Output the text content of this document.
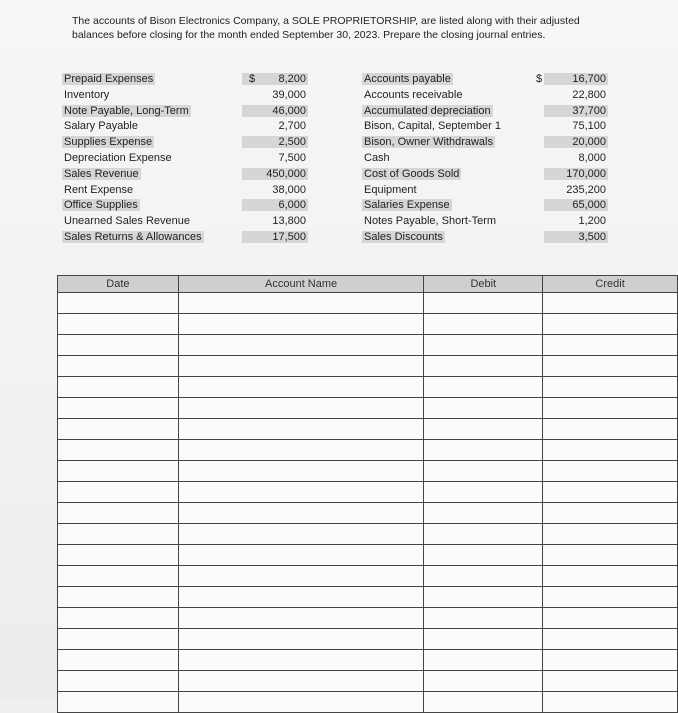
The accounts of Bison Electronics Company, a SOLE PROPRIETORSHIP, are listed along with their adjusted balances before closing for the month ended September 30, 2023. Prepare the closing journal entries.
Prepaid Expenses	8,200
Inventory	39,000
Note Payable, Long-Term	46,000
Salary Payable	2,700
Supplies Expense	2,500
Depreciation Expense	7,500
Sales Revenue	450,000
Rent Expense	38,000
Office Supplies	6,000
Unearned Sales Revenue	13,800
Sales Returns & Allowances	17,500
Accounts payable	16,700
Accounts receivable	22,800
Accumulated depreciation	37,700
Bison, Capital, September 1	75,100
Bison, Owner Withdrawals	20,000
Cash	8,000
Cost of Goods Sold	170,000
Equipment	235,200
Salaries Expense	65,000
Notes Payable, Short-Term	1,200
Sales Discounts	3,500
$	$
Date	Account Name	Debit	Credit
